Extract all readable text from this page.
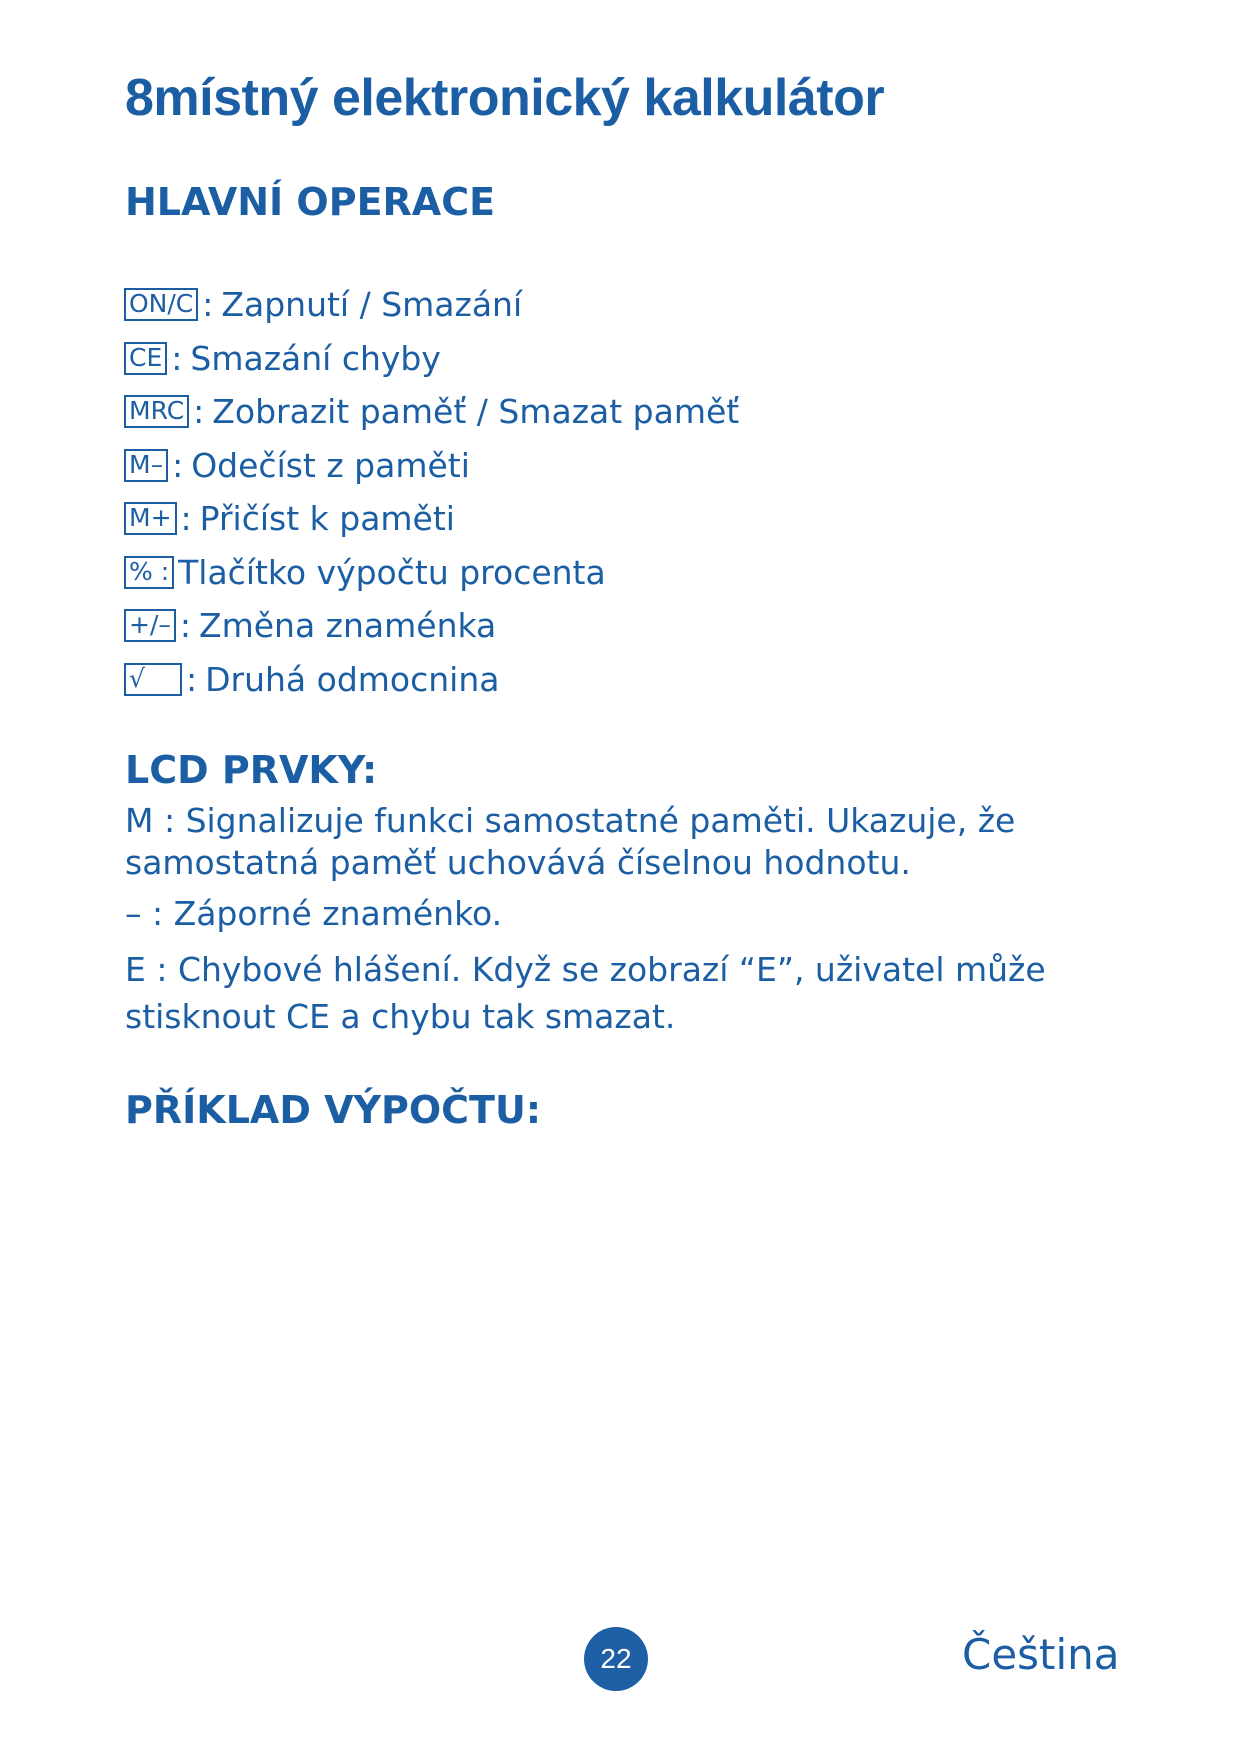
8místný elektronický kalkulátor
HLAVNÍ OPERACE
ON/C : Zapnutí / Smazání
CE : Smazání chyby
MRC : Zobrazit paměť / Smazat paměť
M– : Odečíst z paměti
M+ : Přičíst k paměti
% : Tlačítko výpočtu procenta
+/– : Změna znaménka
√	: Druhá odmocnina
LCD PRVKY:

M : Signalizuje funkci samostatné paměti. Ukazuje, že samostatná paměť uchovává číselnou hodnotu.

– : Záporné znaménko.

E : Chybové hlášení. Když se zobrazí “E”, uživatel může stisknout CE a chybu tak smazat.

PŘÍKLAD VÝPOČTU:
22	Čeština
